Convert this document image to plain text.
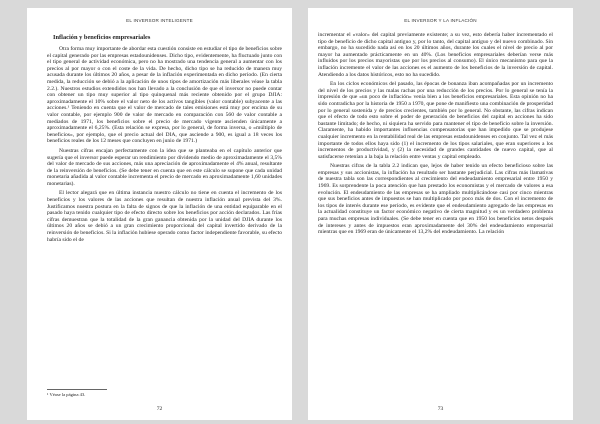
EL INVERSOR INTELIGENTE
Inflación y beneficios empresariales

Otra forma muy importante de abordar esta cuestión consiste en estudiar el tipo de beneficios sobre el capital generado por las empresas estadounidenses. Dicho tipo, evidentemente, ha fluctuado junto con el tipo general de actividad económica, pero no ha mostrado una tendencia general a aumentar con los precios al por mayor o con el coste de la vida. De hecho, dicho tipo se ha reducido de manera muy acusada durante los últimos 20 años, a pesar de la inflación experimentada en dicho período. (En cierta medida, la reducción se debió a la aplicación de unos tipos de amortización más liberales véase la tabla 2.2.). Nuestros estudios extendidos nos han llevado a la conclusión de que el inversor no puede contar con obtener un tipo muy superior al tipo quinquenal más reciente obtenido por el grupo DJIA: aproximadamente el 10% sobre el valor neto de los activos tangibles (valor contable) subyacente a las acciones.¹ Teniendo en cuenta que el valor de mercado de tales emisiones está muy por encima de su valor contable, por ejemplo 900 de valor de mercado en comparación con 560 de valor contable a mediados de 1971, los beneficios sobre el precio de mercado vigente ascienden únicamente a aproximadamente el 6,25%. (Esta relación se expresa, por lo general, de forma inversa, o «múltiplo de beneficios», por ejemplo, que el precio actual del DIA, que asciende a 900, es igual a 18 veces los beneficios reales de los 12 meses que concluyen en junio de 1971.)

Nuestras cifras encajan perfectamente con la idea que se planteaba en el capítulo anterior que sugería que el inversor puede esperar un rendimiento por dividendo medio de aproximadamente el 3,5% del valor de mercado de sus acciones, más una apreciación de aproximadamente el 4% anual, resultante de la reinversión de beneficios. (Se debe tener en cuenta que en este cálculo se supone que cada unidad monetaria añadida al valor contable incrementa el precio de mercado en aproximadamente 1,60 unidades monetarias).

El lector alegará que en última instancia nuestro cálculo no tiene en cuenta el incremento de los beneficios y los valores de las acciones que resultan de nuestra inflación anual prevista del 3%. Justificamos nuestra postura en la falta de signos de que la inflación de una entidad equiparable en el pasado haya tenido cualquier tipo de efecto directo sobre los beneficios por acción declarados. Las frías cifras demuestran que la totalidad de la gran ganancia obtenida por la unidad del DJIA durante los últimos 20 años se debió a un gran crecimiento proporcional del capital invertido derivado de la reinversión de beneficios. Si la inflación hubiese operado como factor independiente favorable, su efecto habría sido el de

¹ Véase la página 43.
72
EL INVERSOR Y LA INFLACIÓN

incrementar el «valor» del capital previamente existente; a su vez, esto debería haber incrementado el tipo de beneficio de dicho capital antiguo y, por lo tanto, del capital antiguo y del nuevo combinado. Sin embargo, no ha sucedido nada así en los 20 últimos años, durante los cuales el nivel de precio al por mayor ha aumentado prácticamente en un 40%. (Los beneficios empresariales deberían verse más influidos por los precios mayoristas que por los precios al consumo). El único mecanismo para que la inflación incremente el valor de las acciones es el aumento de los beneficios de la inversión de capital. Atendiendo a los datos históricos, esto no ha sucedido.

En los ciclos económicos del pasado, las épocas de bonanza iban acompañadas por un incremento del nivel de los precios y las malas rachas por una reducción de los precios. Por lo general se tenía la impresión de que «un poco de inflación» venía bien a los beneficios empresariales. Esta opinión no ha sido contradicha por la historia de 1950 a 1970, que pone de manifiesto una combinación de prosperidad por lo general sostenida y de precios crecientes, también por lo general. No obstante, las cifras indican que el efecto de todo esto sobre el poder de generación de beneficios del capital en acciones ha sido bastante limitado; de hecho, ni siquiera ha servido para mantener el tipo de beneficio sobre la inversión. Claramente, ha habido importantes influencias compensatorias que han impedido que se produjese cualquier incremento en la rentabilidad real de las empresas estadounidenses en conjunto. Tal vez el más importante de todos ellos haya sido (1) el incremento de los tipos salariales, que eran superiores a los incrementos de productividad, y (2) la necesidad de grandes cantidades de nuevo capital, que al satisfacerse retenían a la baja la relación entre ventas y capital empleado.

Nuestras cifras de la tabla 2.2 indican que, lejos de haber tenido un efecto beneficioso sobre las empresas y sus accionistas, la inflación ha resultado ser bastante perjudicial. Las cifras más llamativas de nuestra tabla son las correspondientes al crecimiento del endeudamiento empresarial entre 1950 y 1969. Es sorprendente la poca atención que han prestado los economistas y el mercado de valores a esa evolución. El endeudamiento de las empresas se ha ampliado multiplicándose casi por cinco mientras que sus beneficios antes de impuestos se han multiplicado por poco más de dos. Con el incremento de los tipos de interés durante ese período, es evidente que el endeudamiento agregado de las empresas en la actualidad constituye un factor económico negativo de cierta magnitud y es un verdadero problema para muchas empresas individuales. (Se debe tener en cuenta que en 1950 los beneficios netos después de intereses y antes de impuestos eran aproximadamente del 30% del endeudamiento empresarial mientras que en 1969 eran de únicamente el 13,2% del endeudamiento. La relación

73
